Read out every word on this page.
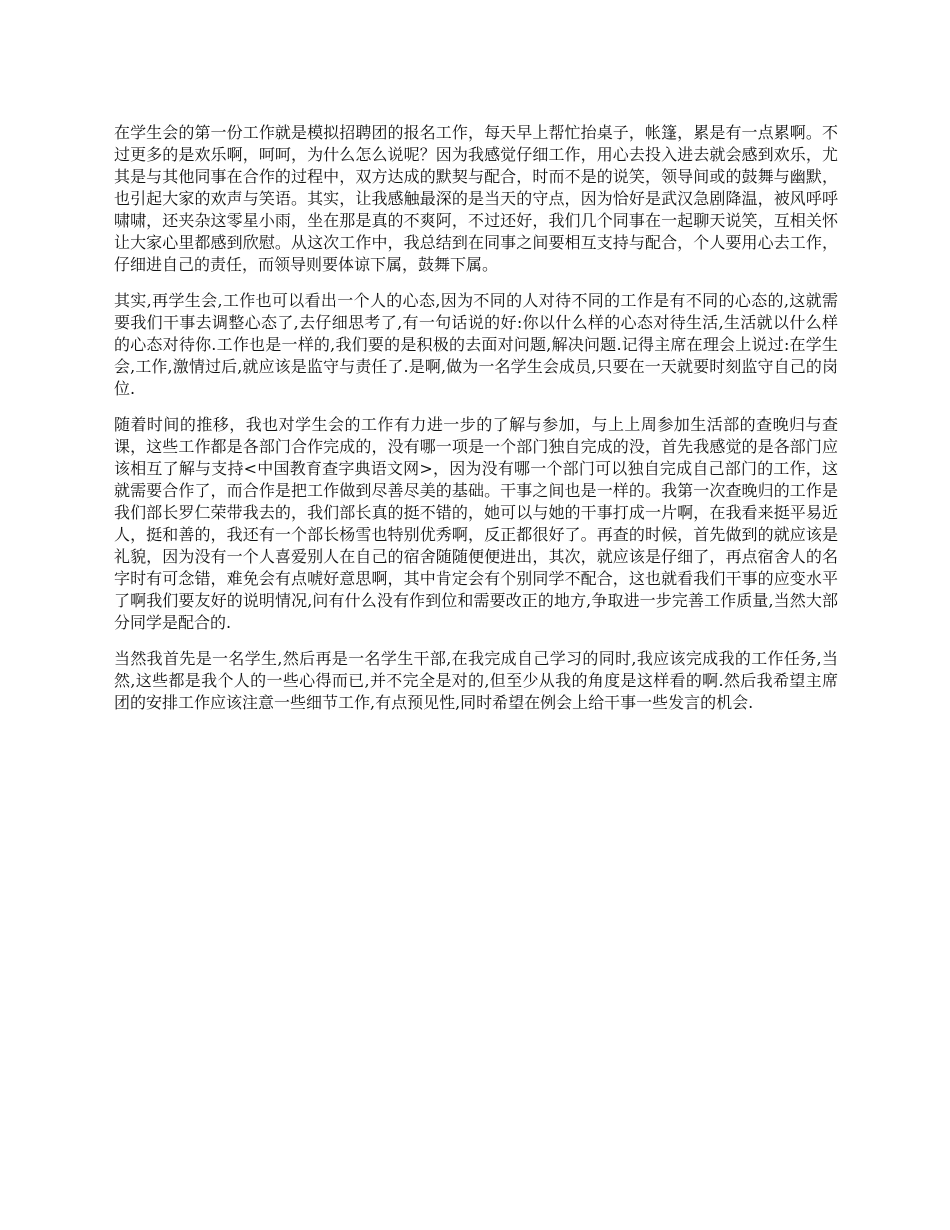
在学生会的第一份工作就是模拟招聘团的报名工作，每天早上帮忙抬桌子，帐篷，累是有一点累啊。不过更多的是欢乐啊，呵呵，为什么怎么说呢？因为我感觉仔细工作，用心去投入进去就会感到欢乐，尤其是与其他同事在合作的过程中，双方达成的默契与配合，时而不是的说笑，领导间或的鼓舞与幽默，也引起大家的欢声与笑语。其实，让我感触最深的是当天的守点，因为恰好是武汉急剧降温，被风呼呼啸啸，还夹杂这零星小雨，坐在那是真的不爽阿，不过还好，我们几个同事在一起聊天说笑，互相关怀让大家心里都感到欣慰。从这次工作中，我总结到在同事之间要相互支持与配合，个人要用心去工作，仔细进自己的责任，而领导则要体谅下属，鼓舞下属。

其实,再学生会,工作也可以看出一个人的心态,因为不同的人对待不同的工作是有不同的心态的,这就需要我们干事去调整心态了,去仔细思考了,有一句话说的好:你以什么样的心态对待生活,生活就以什么样的心态对待你.工作也是一样的,我们要的是积极的去面对问题,解决问题.记得主席在理会上说过:在学生会,工作,激情过后,就应该是监守与责任了.是啊,做为一名学生会成员,只要在一天就要时刻监守自己的岗位.

随着时间的推移，我也对学生会的工作有力进一步的了解与参加，与上上周参加生活部的查晚归与查课，这些工作都是各部门合作完成的，没有哪一项是一个部门独自完成的没，首先我感觉的是各部门应该相互了解与支持<中国教育查字典语文网>，因为没有哪一个部门可以独自完成自己部门的工作，这就需要合作了，而合作是把工作做到尽善尽美的基础。干事之间也是一样的。我第一次查晚归的工作是我们部长罗仁荣带我去的，我们部长真的挺不错的，她可以与她的干事打成一片啊，在我看来挺平易近人，挺和善的，我还有一个部长杨雪也特别优秀啊，反正都很好了。再查的时候，首先做到的就应该是礼貌，因为没有一个人喜爱别人在自己的宿舍随随便便进出，其次，就应该是仔细了，再点宿舍人的名字时有可念错，难免会有点唬好意思啊，其中肯定会有个别同学不配合，这也就看我们干事的应变水平了啊我们要友好的说明情况,问有什么没有作到位和需要改正的地方,争取进一步完善工作质量,当然大部分同学是配合的.

当然我首先是一名学生,然后再是一名学生干部,在我完成自己学习的同时,我应该完成我的工作任务,当然,这些都是我个人的一些心得而已,并不完全是对的,但至少从我的角度是这样看的啊.然后我希望主席团的安排工作应该注意一些细节工作,有点预见性,同时希望在例会上给干事一些发言的机会.
